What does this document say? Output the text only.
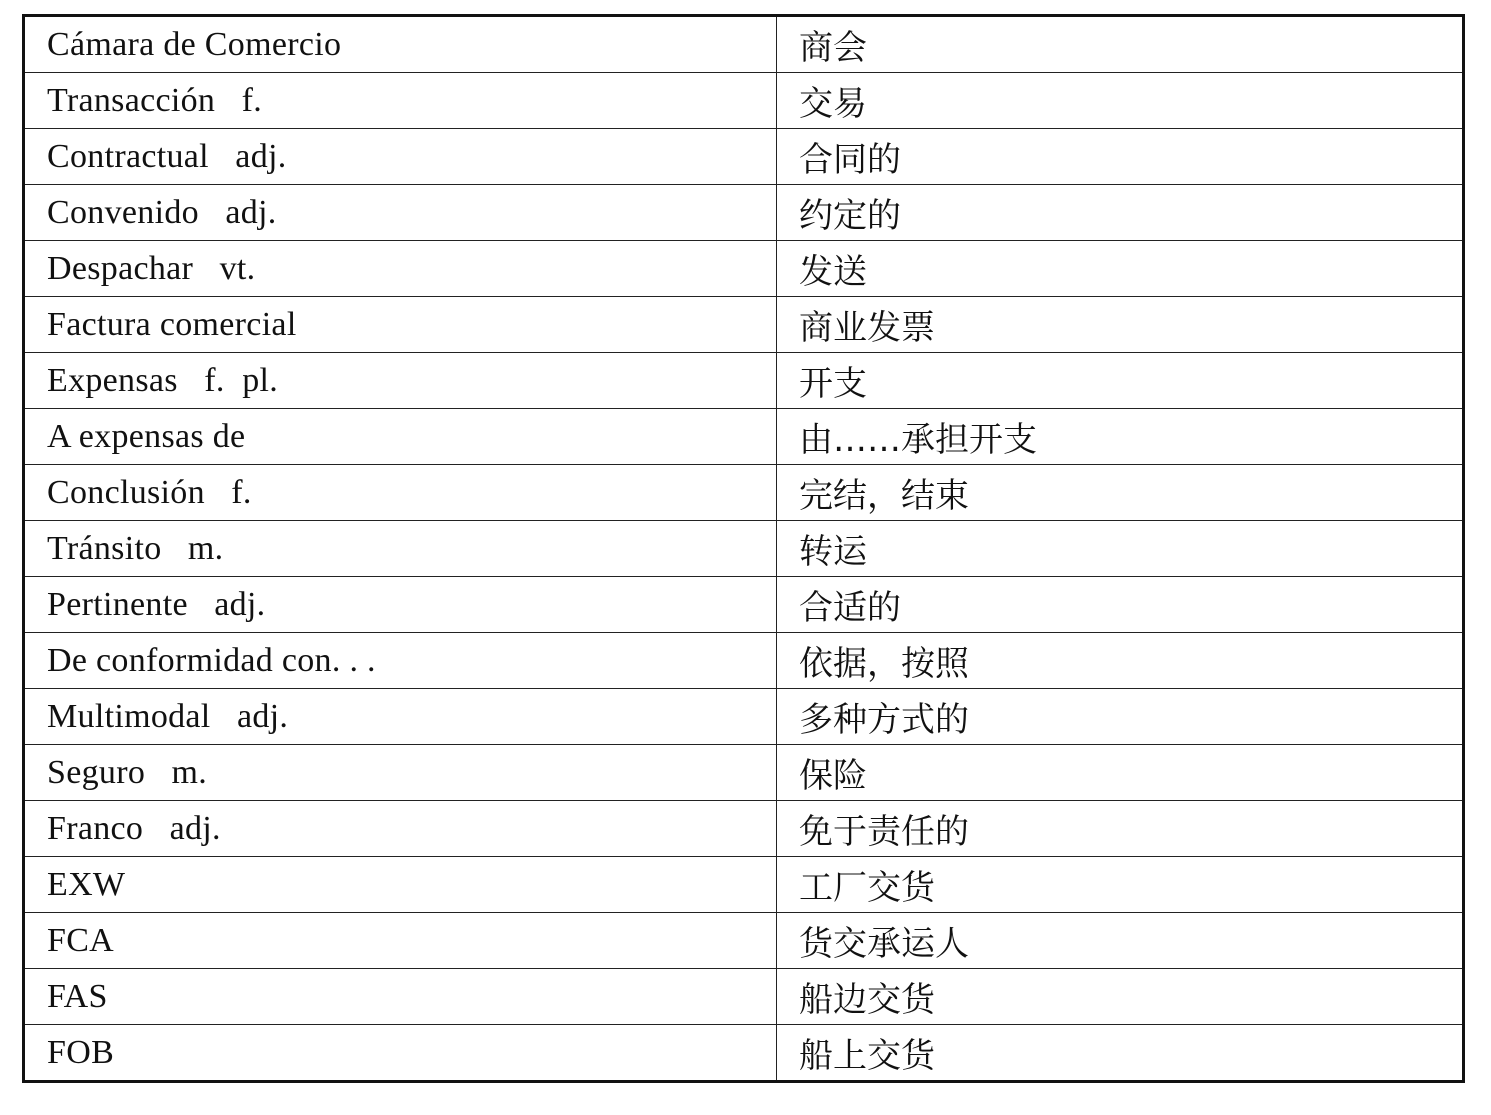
Cámara de Comercio	商会
Transacción   f.	交易
Contractual   adj.	合同的
Convenido   adj.	约定的
Despachar   vt.	发送
Factura comercial	商业发票
Expensas   f.  pl.	开支
A expensas de	由……承担开支
Conclusión   f.	完结，结束
Tránsito   m.	转运
Pertinente   adj.	合适的
De conformidad con. . .	依据，按照
Multimodal   adj.	多种方式的
Seguro   m.	保险
Franco   adj.	免于责任的
EXW	工厂交货
FCA	货交承运人
FAS	船边交货
FOB	船上交货
